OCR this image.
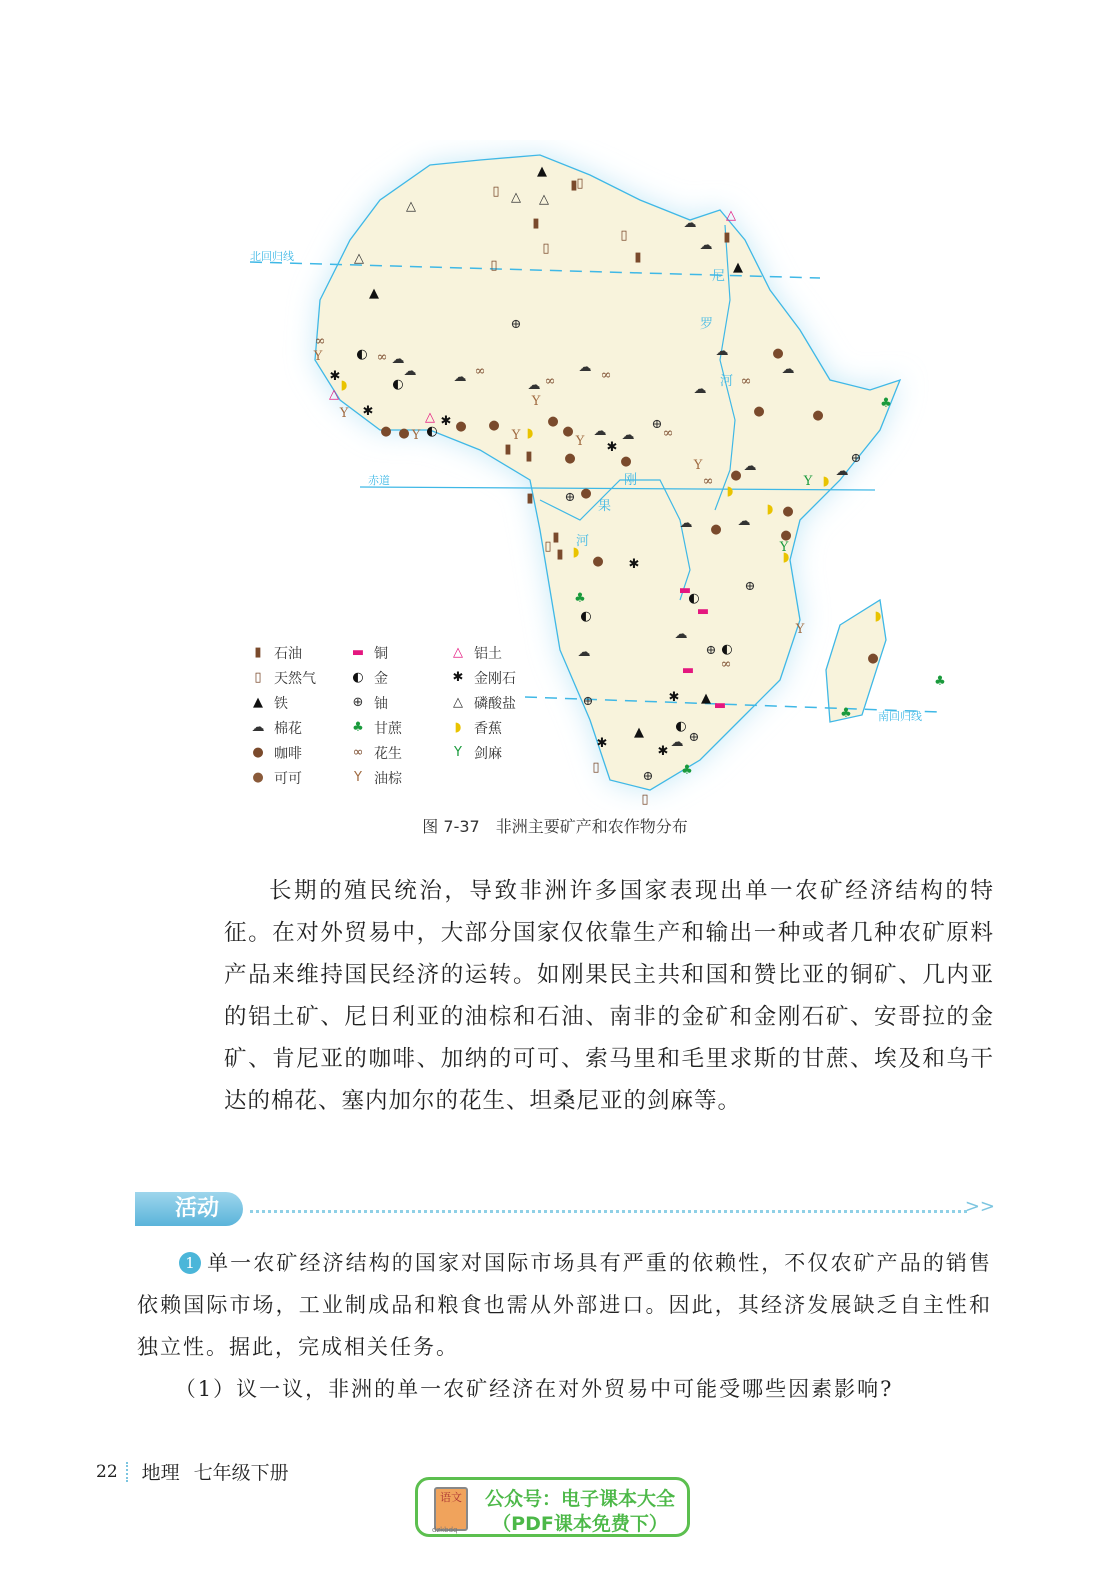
北回归线
赤道
南回归线
尼
罗
河
刚
果
河
▲
▯ △ △
▮
▯
△
▮
▯
▯
▮
▯
△
▲
▲
▮
△
☁
☁
⊕
◐ ☁
∞
☁
◐
✱
◗
△
✱
☁ ∞	☁
∞
☁ ∞
Y
●
● ● ◐
△ ✱ ● ●
▮ ▮
◗
Y
☁ ☁
✱
⊕
∞
●
●
●
☁	●
☁
∞
☁
●	●
♣
☁
●
◗
∞
Y
Y ◗
☁
⊕
⊕ ●
▮
☁ ●
☁
◗ ●
●
Y
◗
▮
▯
▮ ◗
● ✱
▬
◐
▬
⊕
♣
◐
☁
⊕ ◐
∞
▬
☁
Y
◗
●
♣
♣
⊕	✱ ▲ ▬
▲ ◐
⊕
☁
✱
✱
▯	♣
⊕
▯
Y
Y	Y
∞
Y
▮ 石油	▬ 铜	△ 铝土
▯ 天然气	◐ 金	✱ 金刚石
▲ 铁	⊕ 铀	△ 磷酸盐
☁ 棉花	♣ 甘蔗	◗ 香蕉
● 咖啡	∞ 花生	Y 剑麻
● 可可	Y 油棕
图 7-37　非洲主要矿产和农作物分布
长期的殖民统治，导致非洲许多国家表现出单一农矿经济结构的特征。在对外贸易中，大部分国家仅依靠生产和输出一种或者几种农矿原料产品来维持国民经济的运转。如刚果民主共和国和赞比亚的铜矿、几内亚的铝土矿、尼日利亚的油棕和石油、南非的金矿和金刚石矿、安哥拉的金矿、肯尼亚的咖啡、加纳的可可、索马里和毛里求斯的甘蔗、埃及和乌干达的棉花、塞内加尔的花生、坦桑尼亚的剑麻等。
活动	>>
1 单一农矿经济结构的国家对国际市场具有严重的依赖性，不仅农矿产品的销售依赖国际市场，工业制成品和粮食也需从外部进口。因此，其经济发展缺乏自主性和独立性。据此，完成相关任务。
（1）议一议，非洲的单一农矿经济在对外贸易中可能受哪些因素影响?
22	地理 七年级下册
语文
dzkbdq
公众号：电子课本大全
（PDF课本免费下）
